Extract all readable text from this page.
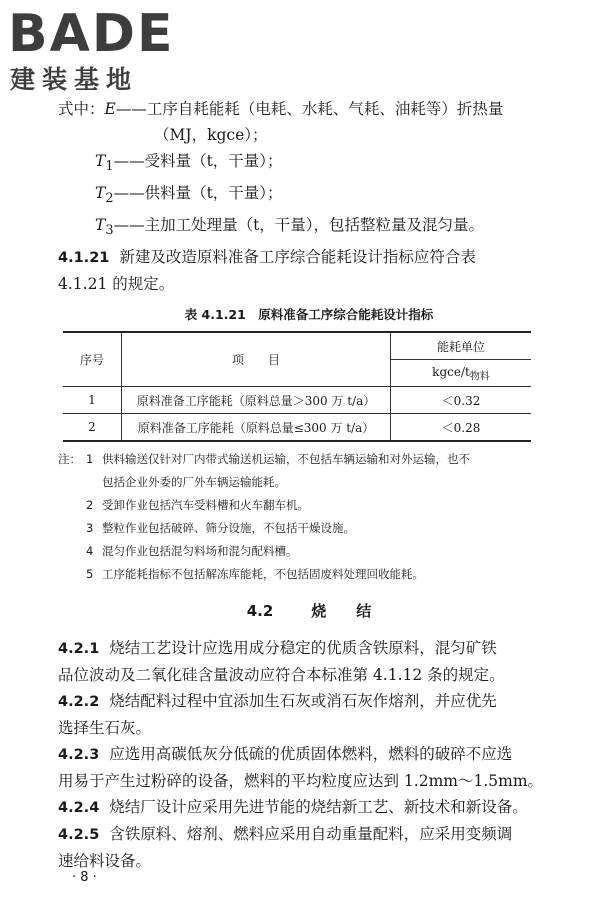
BADE
建装基地
式中：E——工序自耗能耗（电耗、水耗、气耗、油耗等）折热量
（MJ，kgce）；
$T_1——$受料量（t，干量）；
$T_2——$供料量（t，干量）；
$T_3——$主加工处理量（t，干量），包括整粒量及混匀量。
4.1.21 新建及改造原料准备工序综合能耗设计指标应符合表
4.1.21 的规定。
表 4.1.21　原料准备工序综合能耗设计指标
序号	项　　目	能耗单位
		kgce/$t_{物料}$
1	原料准备工序能耗（原料总量＞300 万 t/a）	＜0.32
2	原料准备工序能耗（原料总量≤300 万 t/a）	＜0.28
注： 1 供料输送仅针对厂内带式输送机运输，不包括车辆运输和对外运输，也不
包括企业外委的厂外车辆运输能耗。
2 受卸作业包括汽车受料槽和火车翻车机。
3 整粒作业包括破碎、筛分设施，不包括干燥设施。
4 混匀作业包括混匀料场和混匀配料槽。
5 工序能耗指标不包括解冻库能耗，不包括固废料处理回收能耗。
4.2	烧　　结
4.2.1 烧结工艺设计应选用成分稳定的优质含铁原料，混匀矿铁
品位波动及二氧化硅含量波动应符合本标准第 4.1.12 条的规定。
4.2.2 烧结配料过程中宜添加生石灰或消石灰作熔剂，并应优先
选择生石灰。
4.2.3 应选用高碳低灰分低硫的优质固体燃料，燃料的破碎不应选
用易于产生过粉碎的设备，燃料的平均粒度应达到 1.2mm～1.5mm。
4.2.4 烧结厂设计应采用先进节能的烧结新工艺、新技术和新设备。
4.2.5 含铁原料、熔剂、燃料应采用自动重量配料，应采用变频调
速给料设备。
· 8 ·
